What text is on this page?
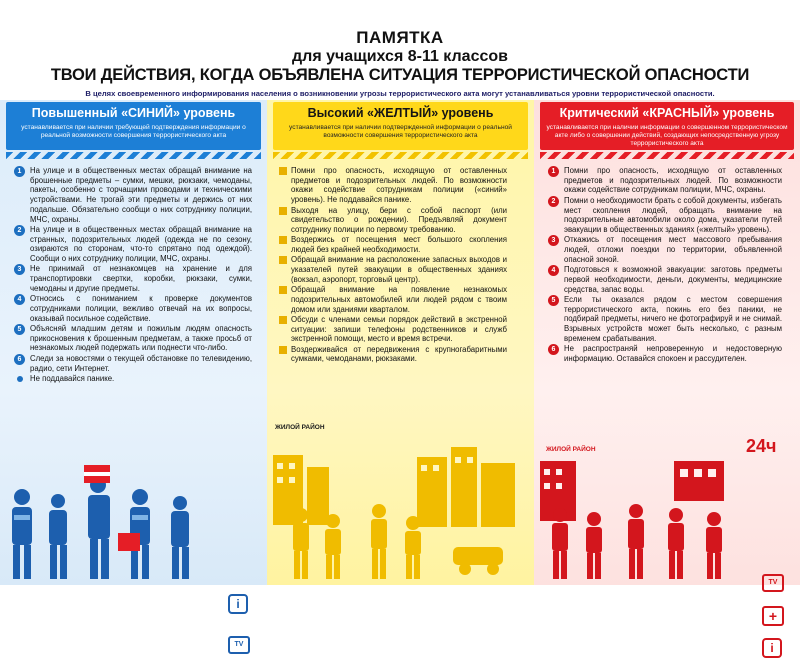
ПАМЯТКА
для учащихся 8-11 классов
ТВОИ ДЕЙСТВИЯ, КОГДА ОБЪЯВЛЕНА СИТУАЦИЯ ТЕРРОРИСТИЧЕСКОЙ ОПАСНОСТИ
В целях своевременного информирования населения о возникновении угрозы террористического акта могут устанавливаться уровни террористической опасности.
Повышенный «СИНИЙ» уровень
устанавливается при наличии требующей подтверждения информации о реальной возможности совершения террористического акта
1	На улице и в общественных местах обращай внимание на брошенные предметы – сумки, мешки, рюкзаки, чемоданы, пакеты, особенно с торчащими проводами и техническими устройствами. Не трогай эти предметы и держись от них подальше. Обязательно сообщи о них сотруднику полиции, МЧС, охраны.
2	На улице и в общественных местах обращай внимание на странных, подозрительных людей (одежда не по сезону, озираются по сторонам, что-то спрятано под одеждой). Сообщи о них сотруднику полиции, МЧС, охраны.
3	Не принимай от незнакомцев на хранение и для транспортировки свертки, коробки, рюкзаки, сумки, чемоданы и другие предметы.
4	Относись с пониманием к проверке документов сотрудниками полиции, вежливо отвечай на их вопросы, оказывай посильное содействие.
5	Объясняй младшим детям и пожилым людям опасность прикосновения к брошенным предметам, а также просьб от незнакомых людей подержать или поднести что-либо.
6	Следи за новостями о текущей обстановке по телевидению, радио, сети Интернет.
Не поддавайся панике.
i
TV
Высокий «ЖЕЛТЫЙ» уровень
устанавливается при наличии подтвержденной информации о реальной возможности совершения террористического акта
Помни про опасность, исходящую от оставленных предметов и подозрительных людей. По возможности окажи содействие сотрудникам полиции («синий» уровень). Не поддавайся панике.
Выходя на улицу, бери с собой паспорт (или свидетельство о рождении). Предъявляй документ сотруднику полиции по первому требованию.
Воздержись от посещения мест большого скопления людей без крайней необходимости.
Обращай внимание на расположение запасных выходов и указателей путей эвакуации в общественных зданиях (вокзал, аэропорт, торговый центр).
Обращай внимание на появление незнакомых подозрительных автомобилей или людей рядом с твоим домом или зданиями кварталом.
Обсуди с членами семьи порядок действий в экстренной ситуации: запиши телефоны родственников и служб экстренной помощи, место и время встречи.
Воздерживайся от передвижения с крупногабаритными сумками, чемоданами, рюкзаками.
ЖИЛОЙ РАЙОН
Критический «КРАСНЫЙ» уровень
устанавливается при наличии информации о совершенном террористическом акте либо о совершении действий, создающих непосредственную угрозу террористического акта
1	Помни про опасность, исходящую от оставленных предметов и подозрительных людей. По возможности окажи содействие сотрудникам полиции, МЧС, охраны.
2	Помни о необходимости брать с собой документы, избегать мест скопления людей, обращать внимание на подозрительные автомобили около дома, указатели путей эвакуации в общественных зданиях («желтый» уровень).
3	Откажись от посещения мест массового пребывания людей, отложи поездки по территории, объявленной опасной зоной.
4	Подготовься к возможной эвакуации: заготовь предметы первой необходимости, деньги, документы, медицинские средства, запас воды.
5	Если ты оказался рядом с местом совершения террористического акта, покинь его без паники, не подбирай предметы, ничего не фотографируй и не снимай. Взрывных устройств может быть несколько, с разным временем срабатывания.
6	Не распространяй непроверенную и недостоверную информацию. Оставайся спокоен и рассудителен.
ЖИЛОЙ РАЙОН	24ч
TV
+
i
